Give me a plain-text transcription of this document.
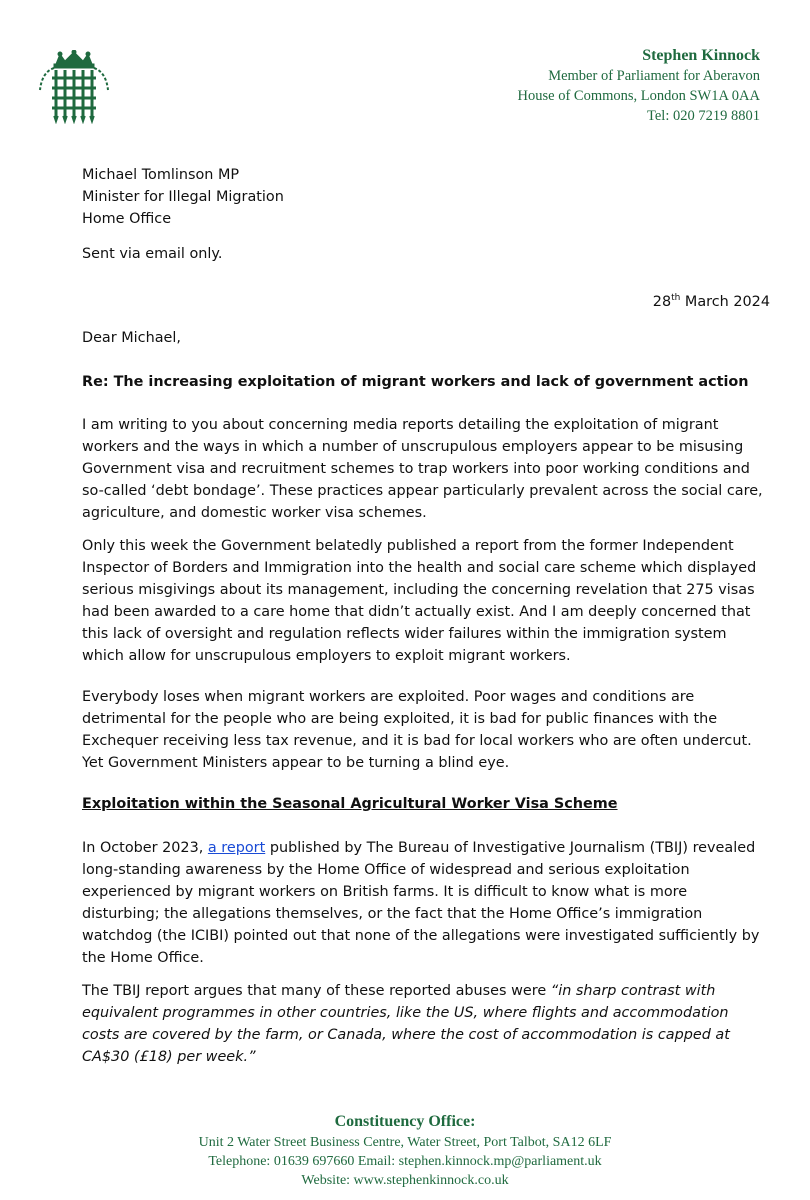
Stephen Kinnock
Member of Parliament for Aberavon
House of Commons, London SW1A 0AA
Tel: 020 7219 8801
Michael Tomlinson MP
Minister for Illegal Migration
Home Office
Sent via email only.
28th March 2024
Dear Michael,
Re: The increasing exploitation of migrant workers and lack of government action
I am writing to you about concerning media reports detailing the exploitation of migrant
workers and the ways in which a number of unscrupulous employers appear to be misusing
Government visa and recruitment schemes to trap workers into poor working conditions and
so-called ‘debt bondage’. These practices appear particularly prevalent across the social care,
agriculture, and domestic worker visa schemes.
Only this week the Government belatedly published a report from the former Independent
Inspector of Borders and Immigration into the health and social care scheme which displayed
serious misgivings about its management, including the concerning revelation that 275 visas
had been awarded to a care home that didn’t actually exist. And I am deeply concerned that
this lack of oversight and regulation reflects wider failures within the immigration system
which allow for unscrupulous employers to exploit migrant workers.
Everybody loses when migrant workers are exploited. Poor wages and conditions are
detrimental for the people who are being exploited, it is bad for public finances with the
Exchequer receiving less tax revenue, and it is bad for local workers who are often undercut.
Yet Government Ministers appear to be turning a blind eye.
Exploitation within the Seasonal Agricultural Worker Visa Scheme
In October 2023, a report published by The Bureau of Investigative Journalism (TBIJ) revealed
long-standing awareness by the Home Office of widespread and serious exploitation
experienced by migrant workers on British farms. It is difficult to know what is more
disturbing; the allegations themselves, or the fact that the Home Office’s immigration
watchdog (the ICIBI) pointed out that none of the allegations were investigated sufficiently by
the Home Office.
The TBIJ report argues that many of these reported abuses were “in sharp contrast with
equivalent programmes in other countries, like the US, where flights and accommodation
costs are covered by the farm, or Canada, where the cost of accommodation is capped at
CA$30 (£18) per week.”
Constituency Office:
Unit 2 Water Street Business Centre, Water Street, Port Talbot, SA12 6LF
Telephone: 01639 697660 Email: stephen.kinnock.mp@parliament.uk
Website: www.stephenkinnock.co.uk
